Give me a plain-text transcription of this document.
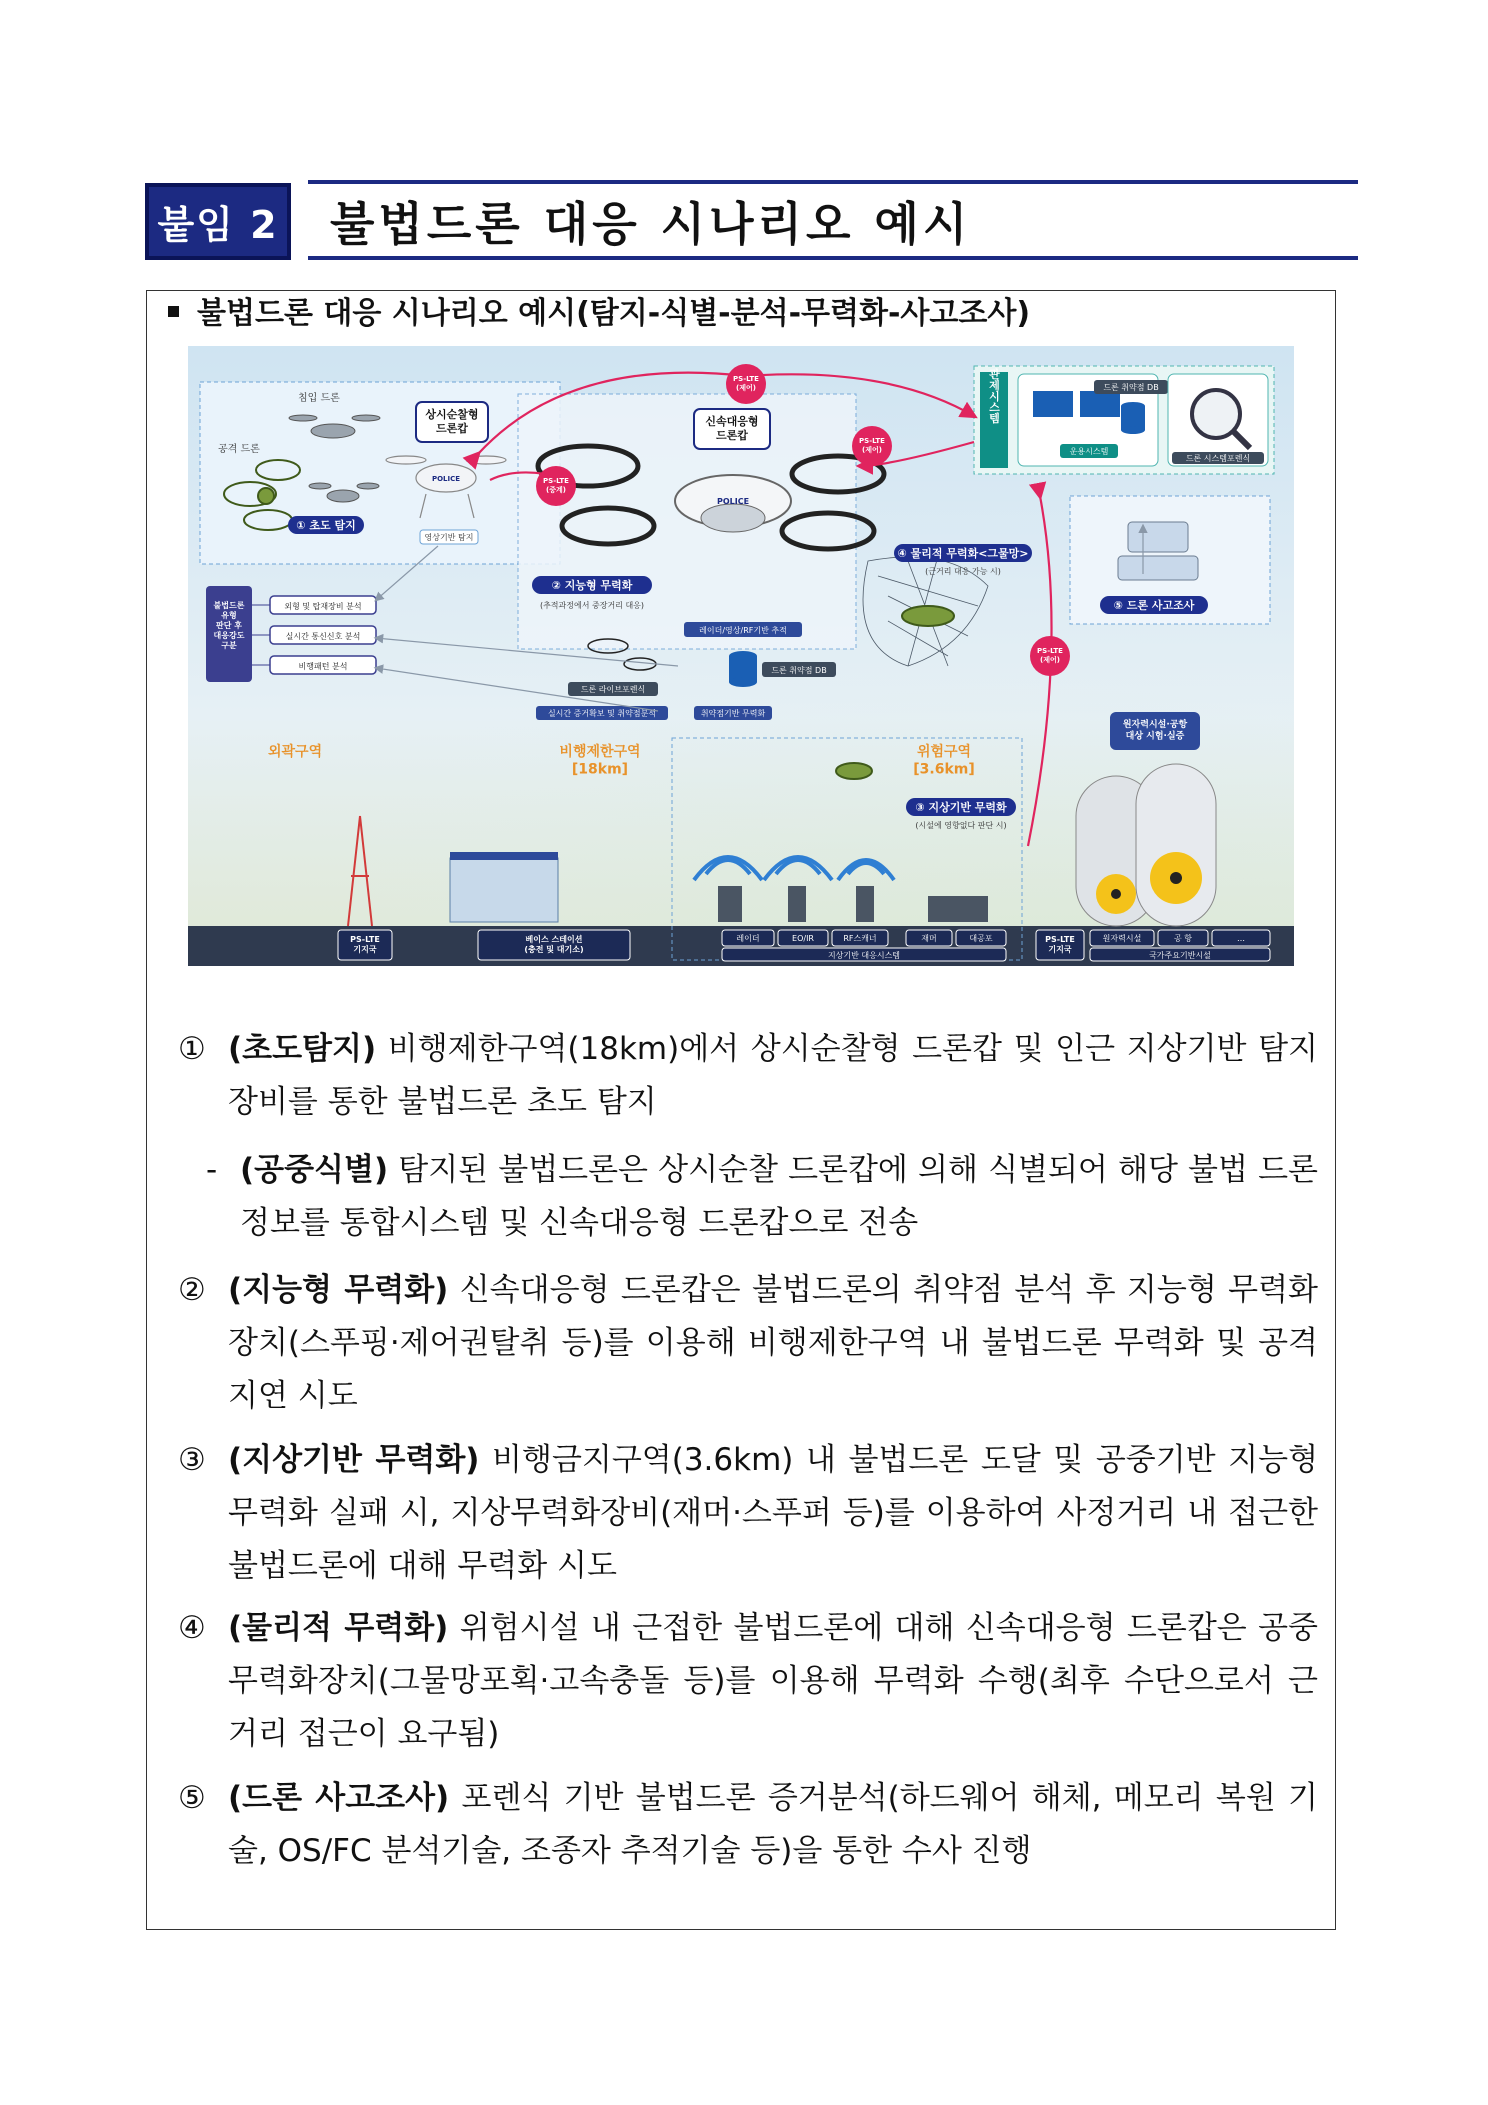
붙임 2 불법드론 대응 시나리오 예시
불법드론 대응 시나리오 예시(탐지-식별-분석-무력화-사고조사)
침입 드론
공격 드론
상시순찰형 드론캅
POLICE
① 초도 탐지
영상기반 탐지
신속대응형 드론캅
POLICE
② 지능형 무력화
(추적과정에서 중장거리 대응)
레이더/영상/RF기반 추적
드론 취약점 DB
드론 라이브포렌식
실시간 증거확보 및 취약점분석	취약점기반 무력화
④ 물리적 무력화<그물망>
(근거리 대응 가능 시)
관제시스템
운용시스템
드론 취약점 DB
드론 시스템포렌식
⑤ 드론 사고조사
불법드론 유형 판단 후 대응강도 구분
외형 및 탑재장비 분석
실시간 통신신호 분석
비행패턴 분석
외곽구역	비행제한구역 [18km]
위험구역 [3.6km]
③ 지상기반 무력화
(시설에 영향없다 판단 시)
원자력시설·공항 대상 시험·실증
PS-LTE (제어)
PS-LTE (중계)
PS-LTE (제어)
PS-LTE (제어)
PS-LTE 기지국
베이스 스테이션 (충전 및 대기소)
레이더	EO/IR	RF스캐너	재머	대공포
지상기반 대응시스템
PS-LTE 기지국
원자력시설	공 항	…
국가주요기반시설
① (초도탐지) 비행제한구역(18km)에서 상시순찰형 드론캅 및 인근 지상기반 탐지장비를 통한 불법드론 초도 탐지
- (공중식별) 탐지된 불법드론은 상시순찰 드론캅에 의해 식별되어 해당 불법 드론 정보를 통합시스템 및 신속대응형 드론캅으로 전송
② (지능형 무력화) 신속대응형 드론캅은 불법드론의 취약점 분석 후 지능형 무력화장치(스푸핑·제어권탈취 등)를 이용해 비행제한구역 내 불법드론 무력화 및 공격지연 시도
③ (지상기반 무력화) 비행금지구역(3.6km) 내 불법드론 도달 및 공중기반 지능형 무력화 실패 시, 지상무력화장비(재머·스푸퍼 등)를 이용하여 사정거리 내 접근한 불법드론에 대해 무력화 시도
④ (물리적 무력화) 위험시설 내 근접한 불법드론에 대해 신속대응형 드론캅은 공중무력화장치(그물망포획·고속충돌 등)를 이용해 무력화 수행(최후 수단으로서 근거리 접근이 요구됨)
⑤ (드론 사고조사) 포렌식 기반 불법드론 증거분석(하드웨어 해체, 메모리 복원 기술, OS/FC 분석기술, 조종자 추적기술 등)을 통한 수사 진행
